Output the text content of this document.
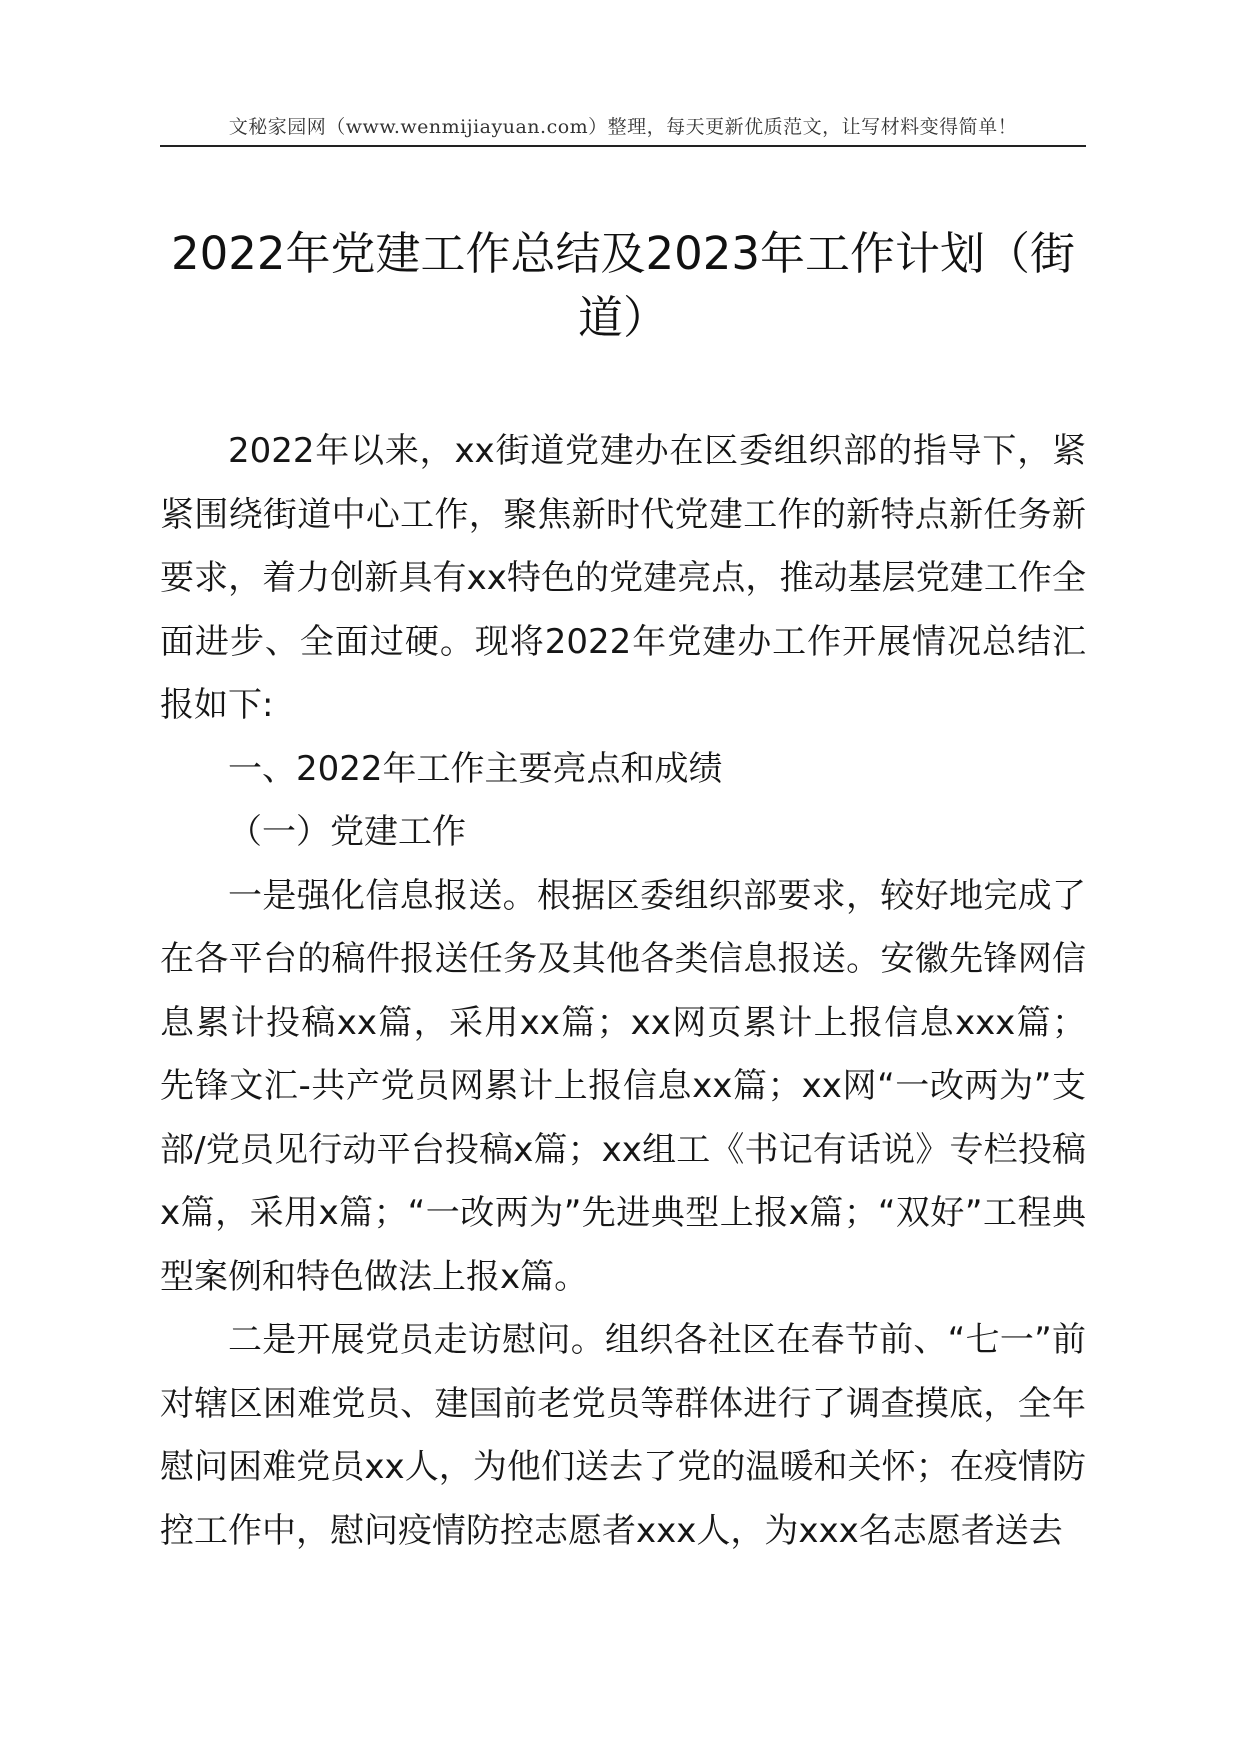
文秘家园网（www.wenmijiayuan.com）整理，每天更新优质范文，让写材料变得简单！
2022年党建工作总结及2023年工作计划（街道）

2022年以来，xx街道党建办在区委组织部的指导下，紧紧围绕街道中心工作，聚焦新时代党建工作的新特点新任务新要求，着力创新具有xx特色的党建亮点，推动基层党建工作全面进步、全面过硬。现将2022年党建办工作开展情况总结汇报如下:

一、2022年工作主要亮点和成绩

（一）党建工作

一是强化信息报送。根据区委组织部要求，较好地完成了在各平台的稿件报送任务及其他各类信息报送。安徽先锋网信息累计投稿xx篇，采用xx篇；xx网页累计上报信息xxx篇；先锋文汇-共产党员网累计上报信息xx篇；xx网“一改两为”支部/党员见行动平台投稿x篇；xx组工《书记有话说》专栏投稿x篇，采用x篇；“一改两为”先进典型上报x篇；“双好”工程典型案例和特色做法上报x篇。

二是开展党员走访慰问。组织各社区在春节前、“七一”前对辖区困难党员、建国前老党员等群体进行了调查摸底，全年慰问困难党员xx人，为他们送去了党的温暖和关怀；在疫情防控工作中，慰问疫情防控志愿者xxx人，为xxx名志愿者送去
